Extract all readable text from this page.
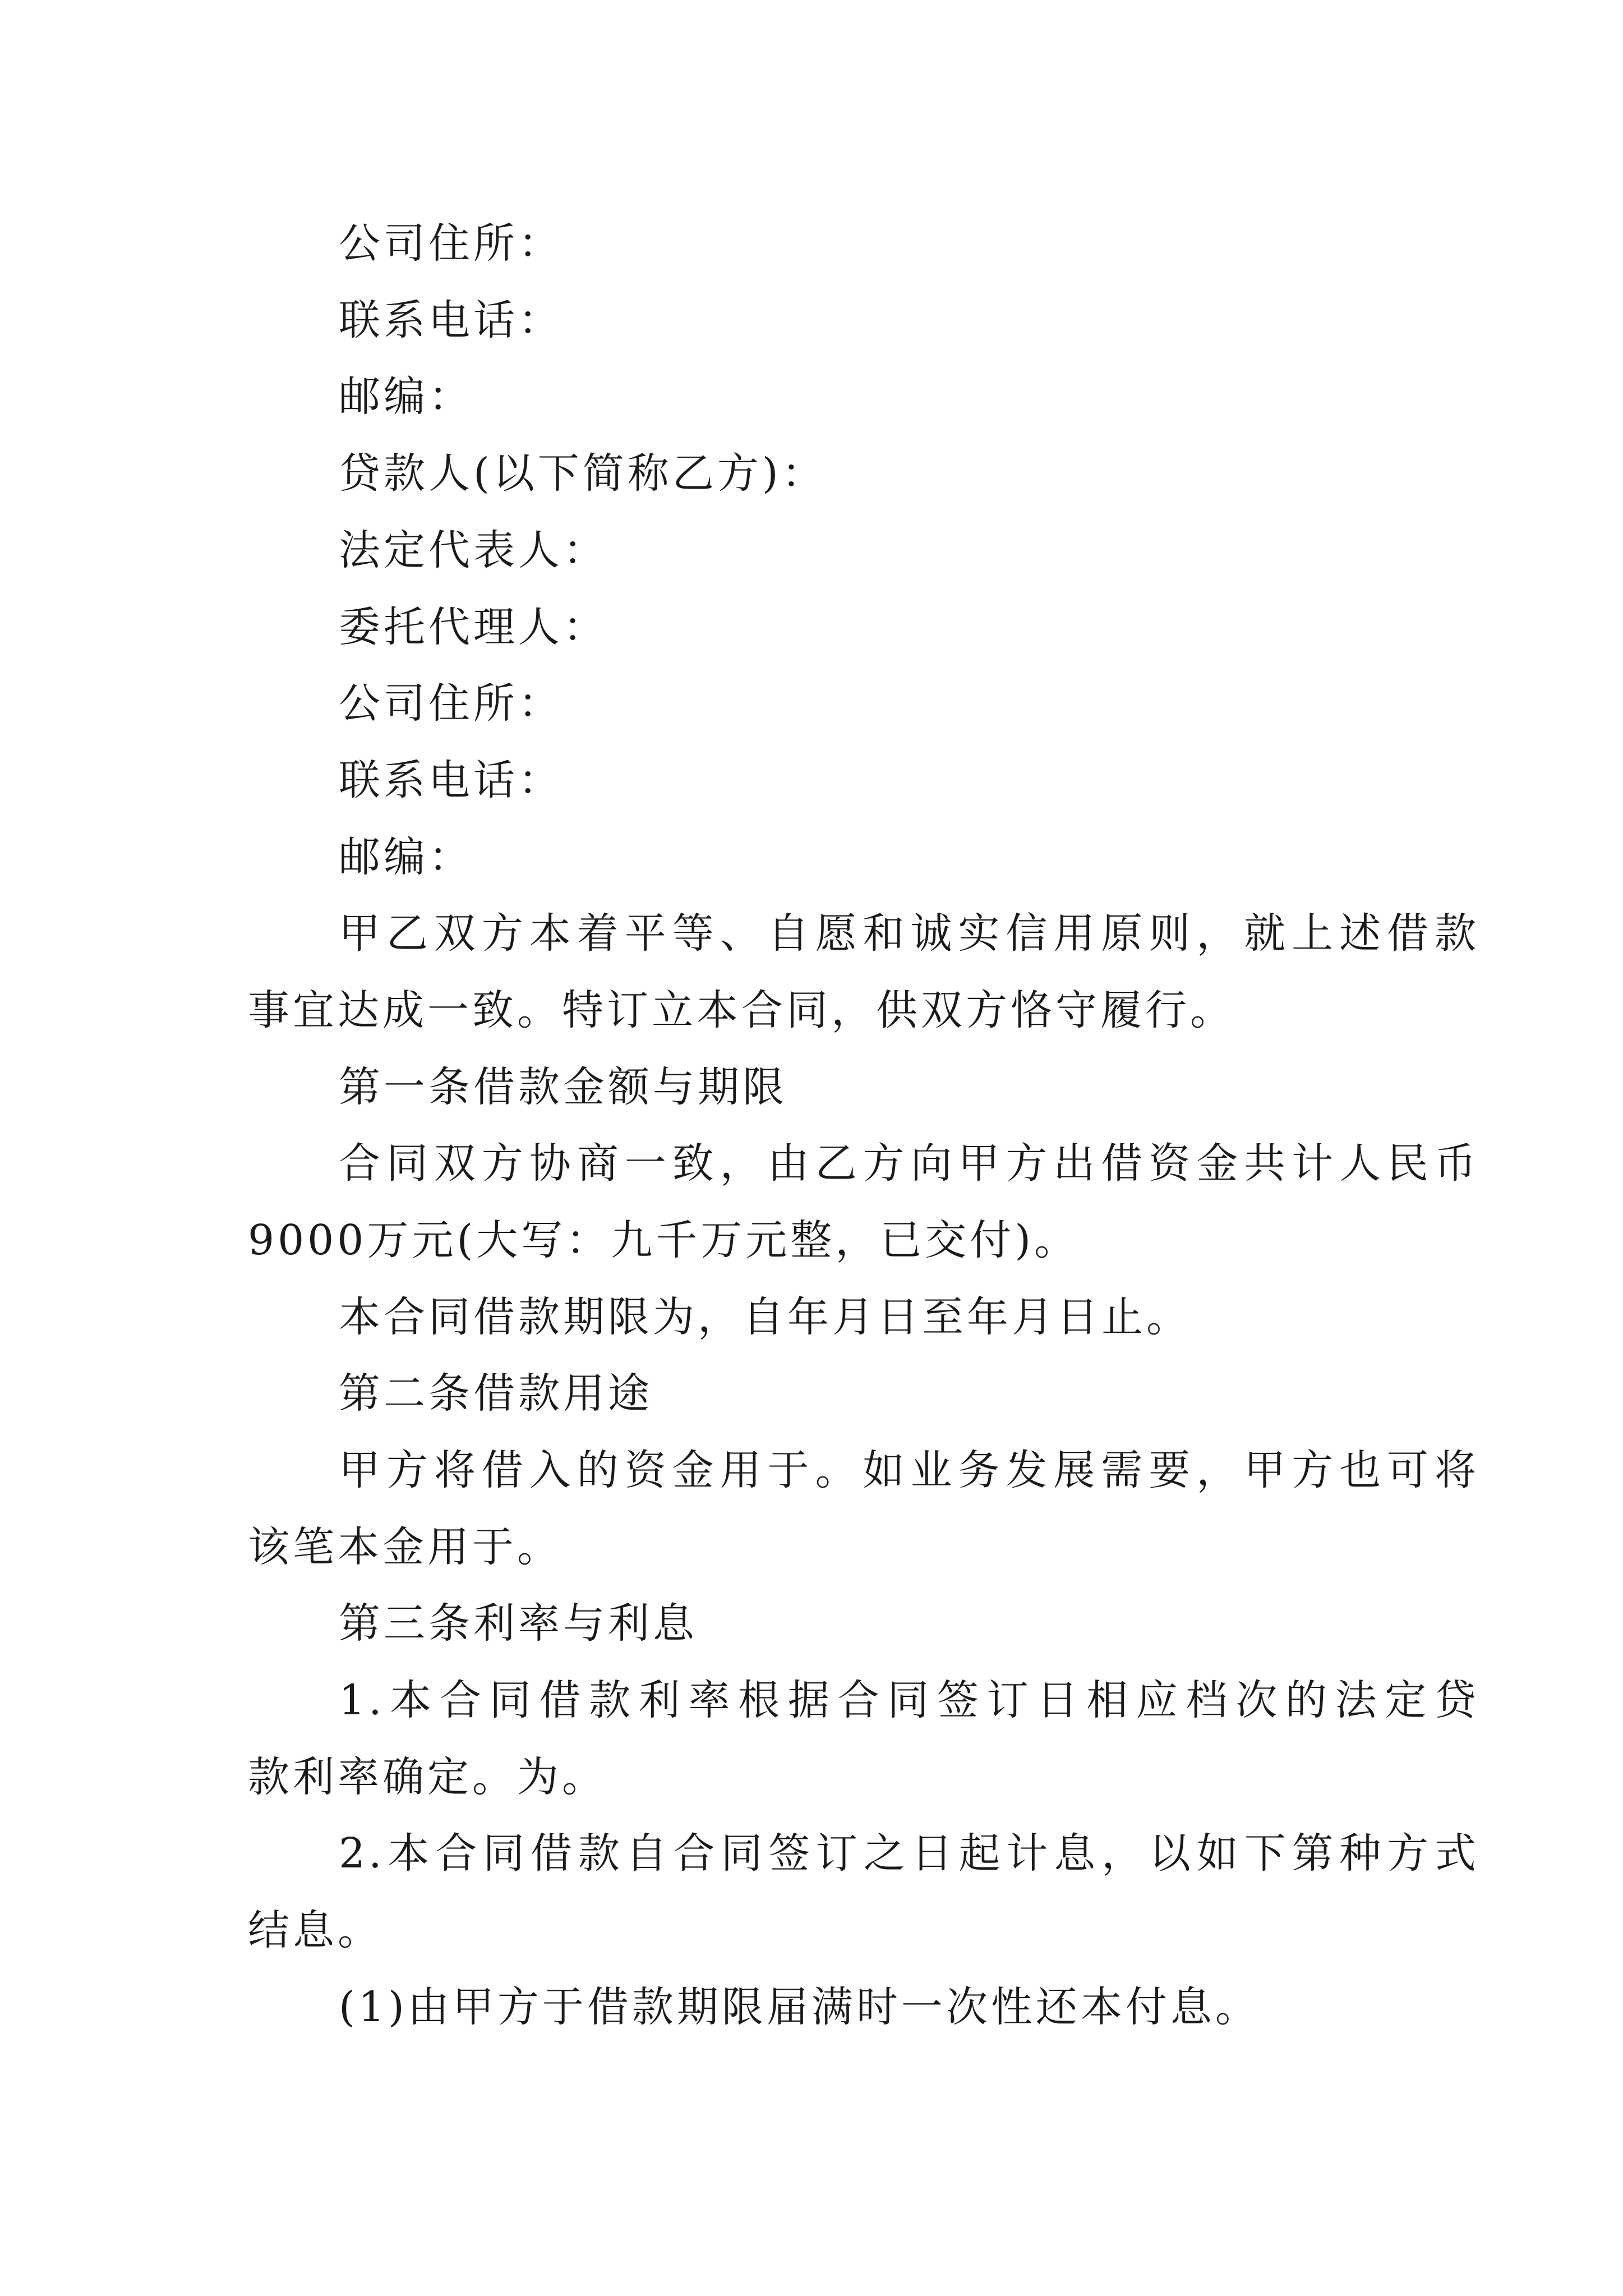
公司住所：

联系电话：

邮编：

贷款人(以下简称乙方)：

法定代表人：

委托代理人：

公司住所：

联系电话：

邮编：

甲乙双方本着平等、自愿和诚实信用原则，就上述借款

事宜达成一致。特订立本合同，供双方恪守履行。

第一条借款金额与期限

合同双方协商一致，由乙方向甲方出借资金共计人民币

9000万元(大写：九千万元整，已交付)。

本合同借款期限为，自年月日至年月日止。

第二条借款用途

甲方将借入的资金用于。如业务发展需要，甲方也可将

该笔本金用于。

第三条利率与利息

1.本合同借款利率根据合同签订日相应档次的法定贷

款利率确定。为。

2.本合同借款自合同签订之日起计息，以如下第种方式

结息。

(1)由甲方于借款期限届满时一次性还本付息。
